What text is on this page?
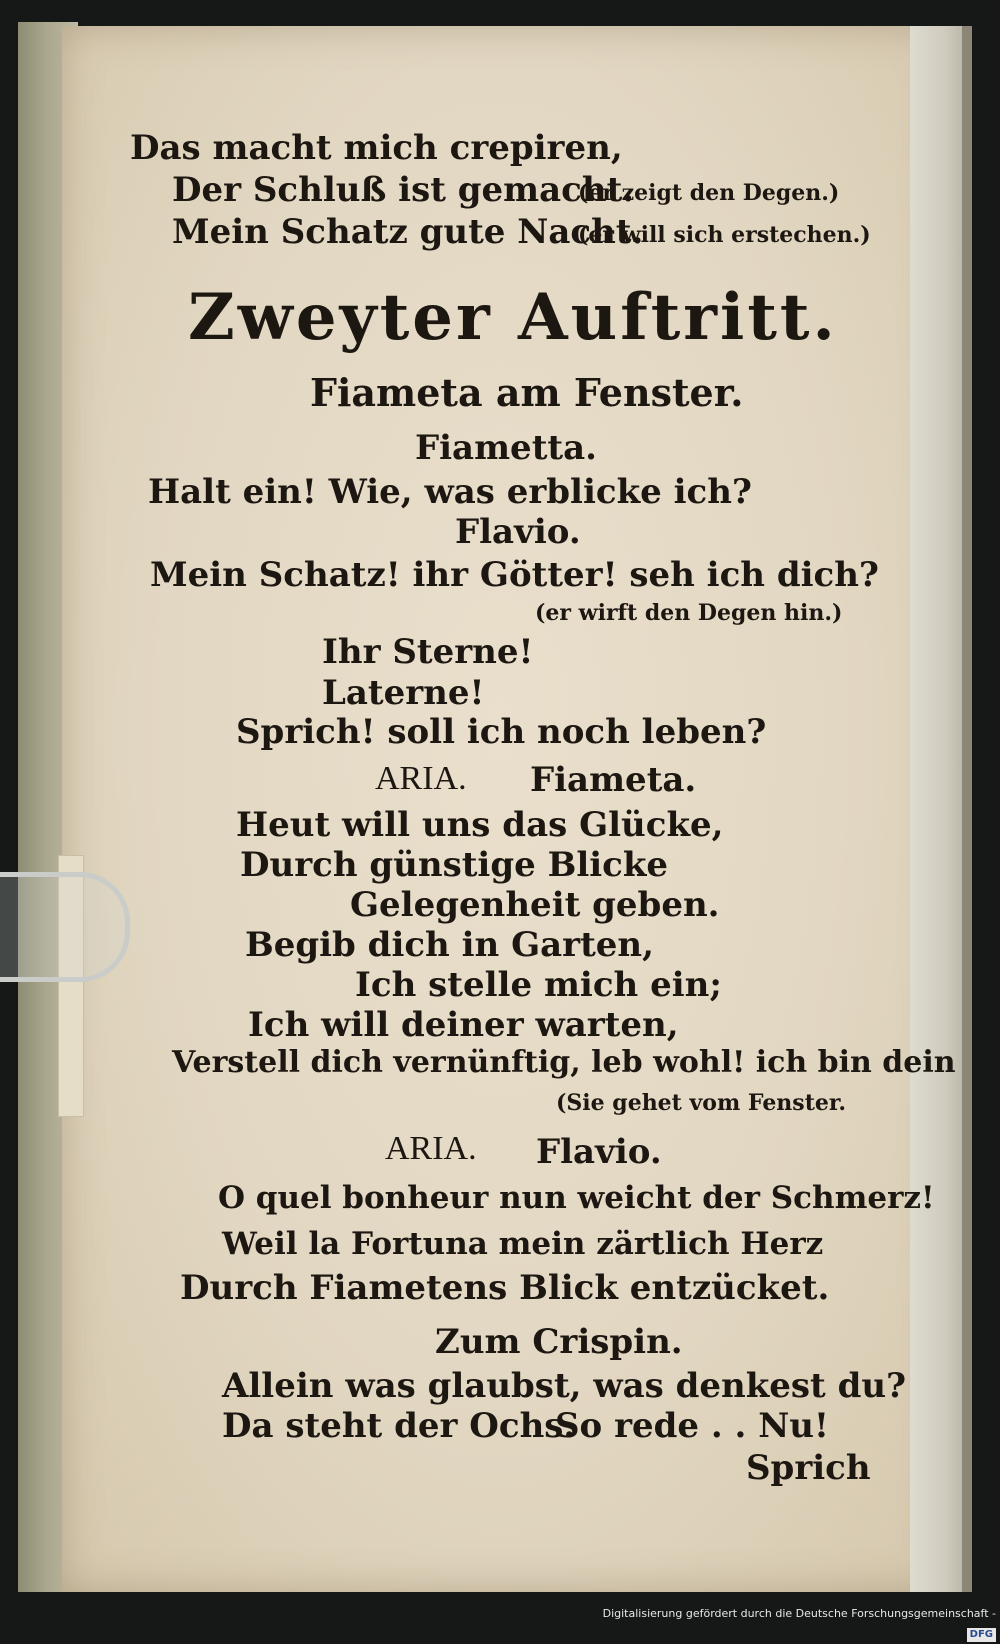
Das macht mich crepiren,
Der Schluß ist gemacht.
(er zeigt den Degen.)
Mein Schatz gute Nacht.
(er will sich erstechen.)
Zweyter Auftritt.
Fiameta am Fenster.
Fiametta.
Halt ein! Wie, was erblicke ich?
Flavio.
Mein Schatz! ihr Götter! seh ich dich?
(er wirft den Degen hin.)
Ihr Sterne!
Laterne!
Sprich! soll ich noch leben?
ARIA. Fiameta.
Heut will uns das Glücke,
Durch günstige Blicke
Gelegenheit geben.
Begib dich in Garten,
Ich stelle mich ein;
Ich will deiner warten,
Verstell dich vernünftig, leb wohl! ich bin dein
(Sie gehet vom Fenster.
ARIA. Flavio.
O quel bonheur nun weicht der Schmerz!
Weil la Fortuna mein zärtlich Herz
Durch Fiametens Blick entzücket.
Zum Crispin.
Allein was glaubst, was denkest du?
Da steht der Ochs.
So rede . . Nu!
Sprich
Digitalisierung gefördert durch die Deutsche Forschungsgemeinschaft -DFG
